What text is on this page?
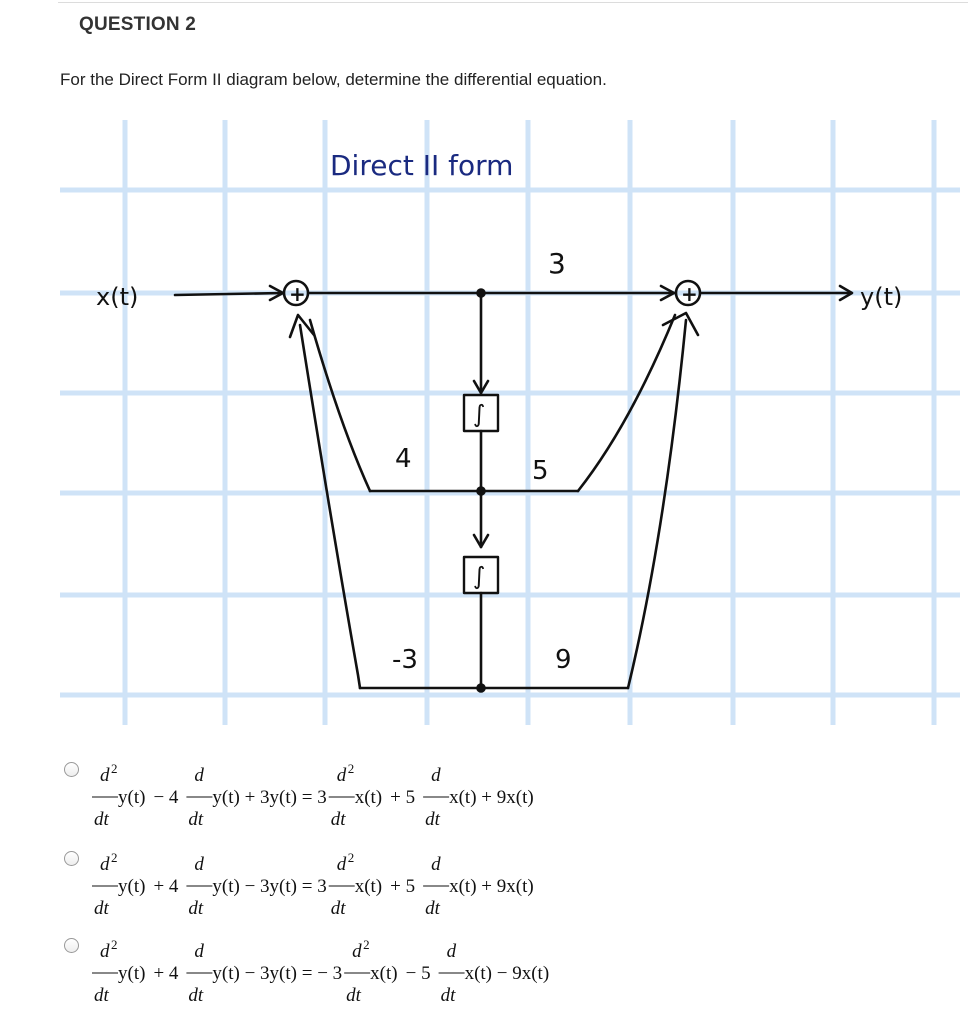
QUESTION 2
For the Direct Form II diagram below, determine the differential equation.
Direct II form
x(t)	y(t)
+	+
∫
∫
3
5
9
4
-3
d 2
dt
y(t) − 4
d
dt
y(t) + 3y(t) = 3
d 2
dt
x(t) + 5
d
dt
x(t) + 9x(t)
d 2
dt
y(t) + 4
d
dt
y(t) − 3y(t) = 3
d 2
dt
x(t) + 5
d
dt
x(t) + 9x(t)
d 2
dt
y(t) + 4
d
dt
y(t) − 3y(t) = − 3
d 2
dt
x(t) − 5
d
dt
x(t) − 9x(t)
